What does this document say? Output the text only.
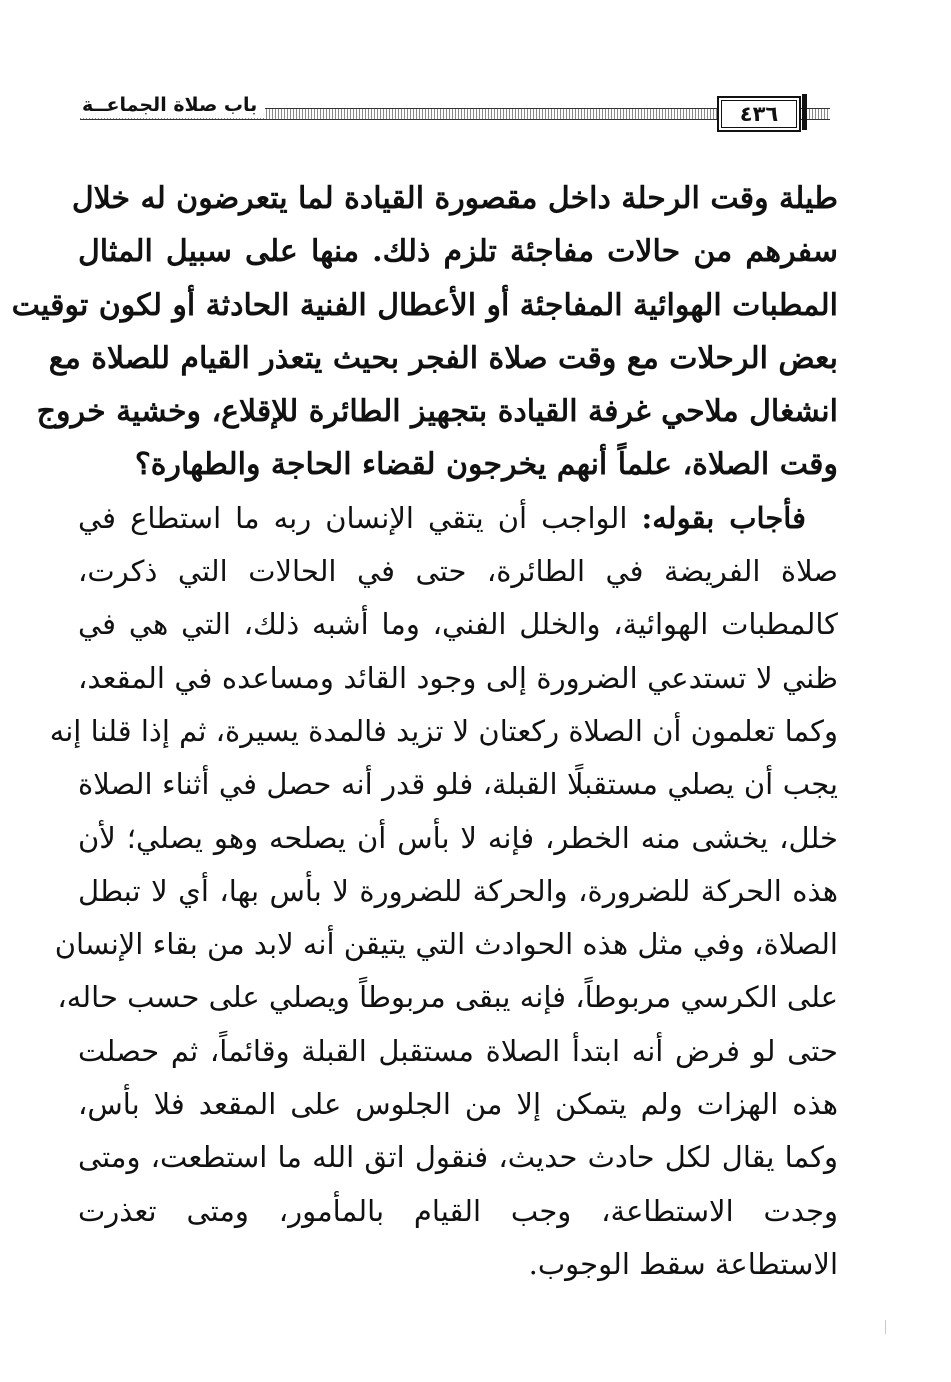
باب صلاة الجماعــة	٤٣٦
طيلة وقت الرحلة داخل مقصورة القيادة لما يتعرضون له خلال
سفرهم من حالات مفاجئة تلزم ذلك. منها على سبيل المثال
المطبات الهوائية المفاجئة أو الأعطال الفنية الحادثة أو لكون توقيت
بعض الرحلات مع وقت صلاة الفجر بحيث يتعذر القيام للصلاة مع
انشغال ملاحي غرفة القيادة بتجهيز الطائرة للإقلاع، وخشية خروج
وقت الصلاة، علماً أنهم يخرجون لقضاء الحاجة والطهارة؟
فأجاب بقوله: الواجب أن يتقي الإنسان ربه ما استطاع في
صلاة الفريضة في الطائرة، حتى في الحالات التي ذكرت،
كالمطبات الهوائية، والخلل الفني، وما أشبه ذلك، التي هي في
ظني لا تستدعي الضرورة إلى وجود القائد ومساعده في المقعد،
وكما تعلمون أن الصلاة ركعتان لا تزيد فالمدة يسيرة، ثم إذا قلنا إنه
يجب أن يصلي مستقبلًا القبلة، فلو قدر أنه حصل في أثناء الصلاة
خلل، يخشى منه الخطر، فإنه لا بأس أن يصلحه وهو يصلي؛ لأن
هذه الحركة للضرورة، والحركة للضرورة لا بأس بها، أي لا تبطل
الصلاة، وفي مثل هذه الحوادث التي يتيقن أنه لابد من بقاء الإنسان
على الكرسي مربوطاً، فإنه يبقى مربوطاً ويصلي على حسب حاله،
حتى لو فرض أنه ابتدأ الصلاة مستقبل القبلة وقائماً، ثم حصلت
هذه الهزات ولم يتمكن إلا من الجلوس على المقعد فلا بأس،
وكما يقال لكل حادث حديث، فنقول اتق الله ما استطعت، ومتى
وجدت الاستطاعة، وجب القيام بالمأمور، ومتى تعذرت
الاستطاعة سقط الوجوب.
